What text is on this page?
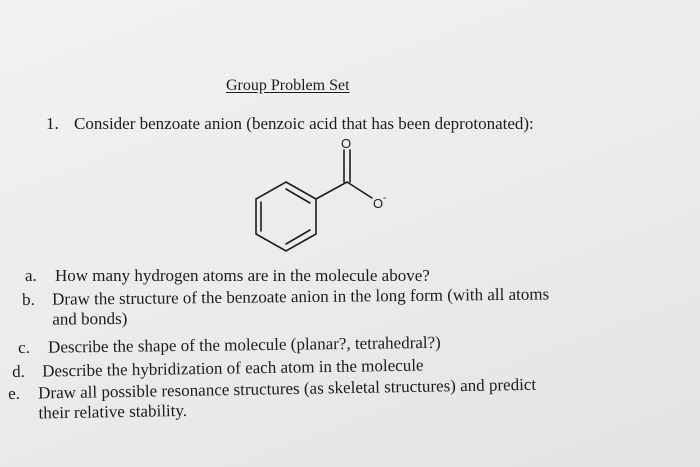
Group Problem Set
1. Consider benzoate anion (benzoic acid that has been deprotonated):
O
O -
a. How many hydrogen atoms are in the molecule above?
b. Draw the structure of the benzoate anion in the long form (with all atoms
and bonds)
c. Describe the shape of the molecule (planar?, tetrahedral?)
d. Describe the hybridization of each atom in the molecule
e. Draw all possible resonance structures (as skeletal structures) and predict
their relative stability.
